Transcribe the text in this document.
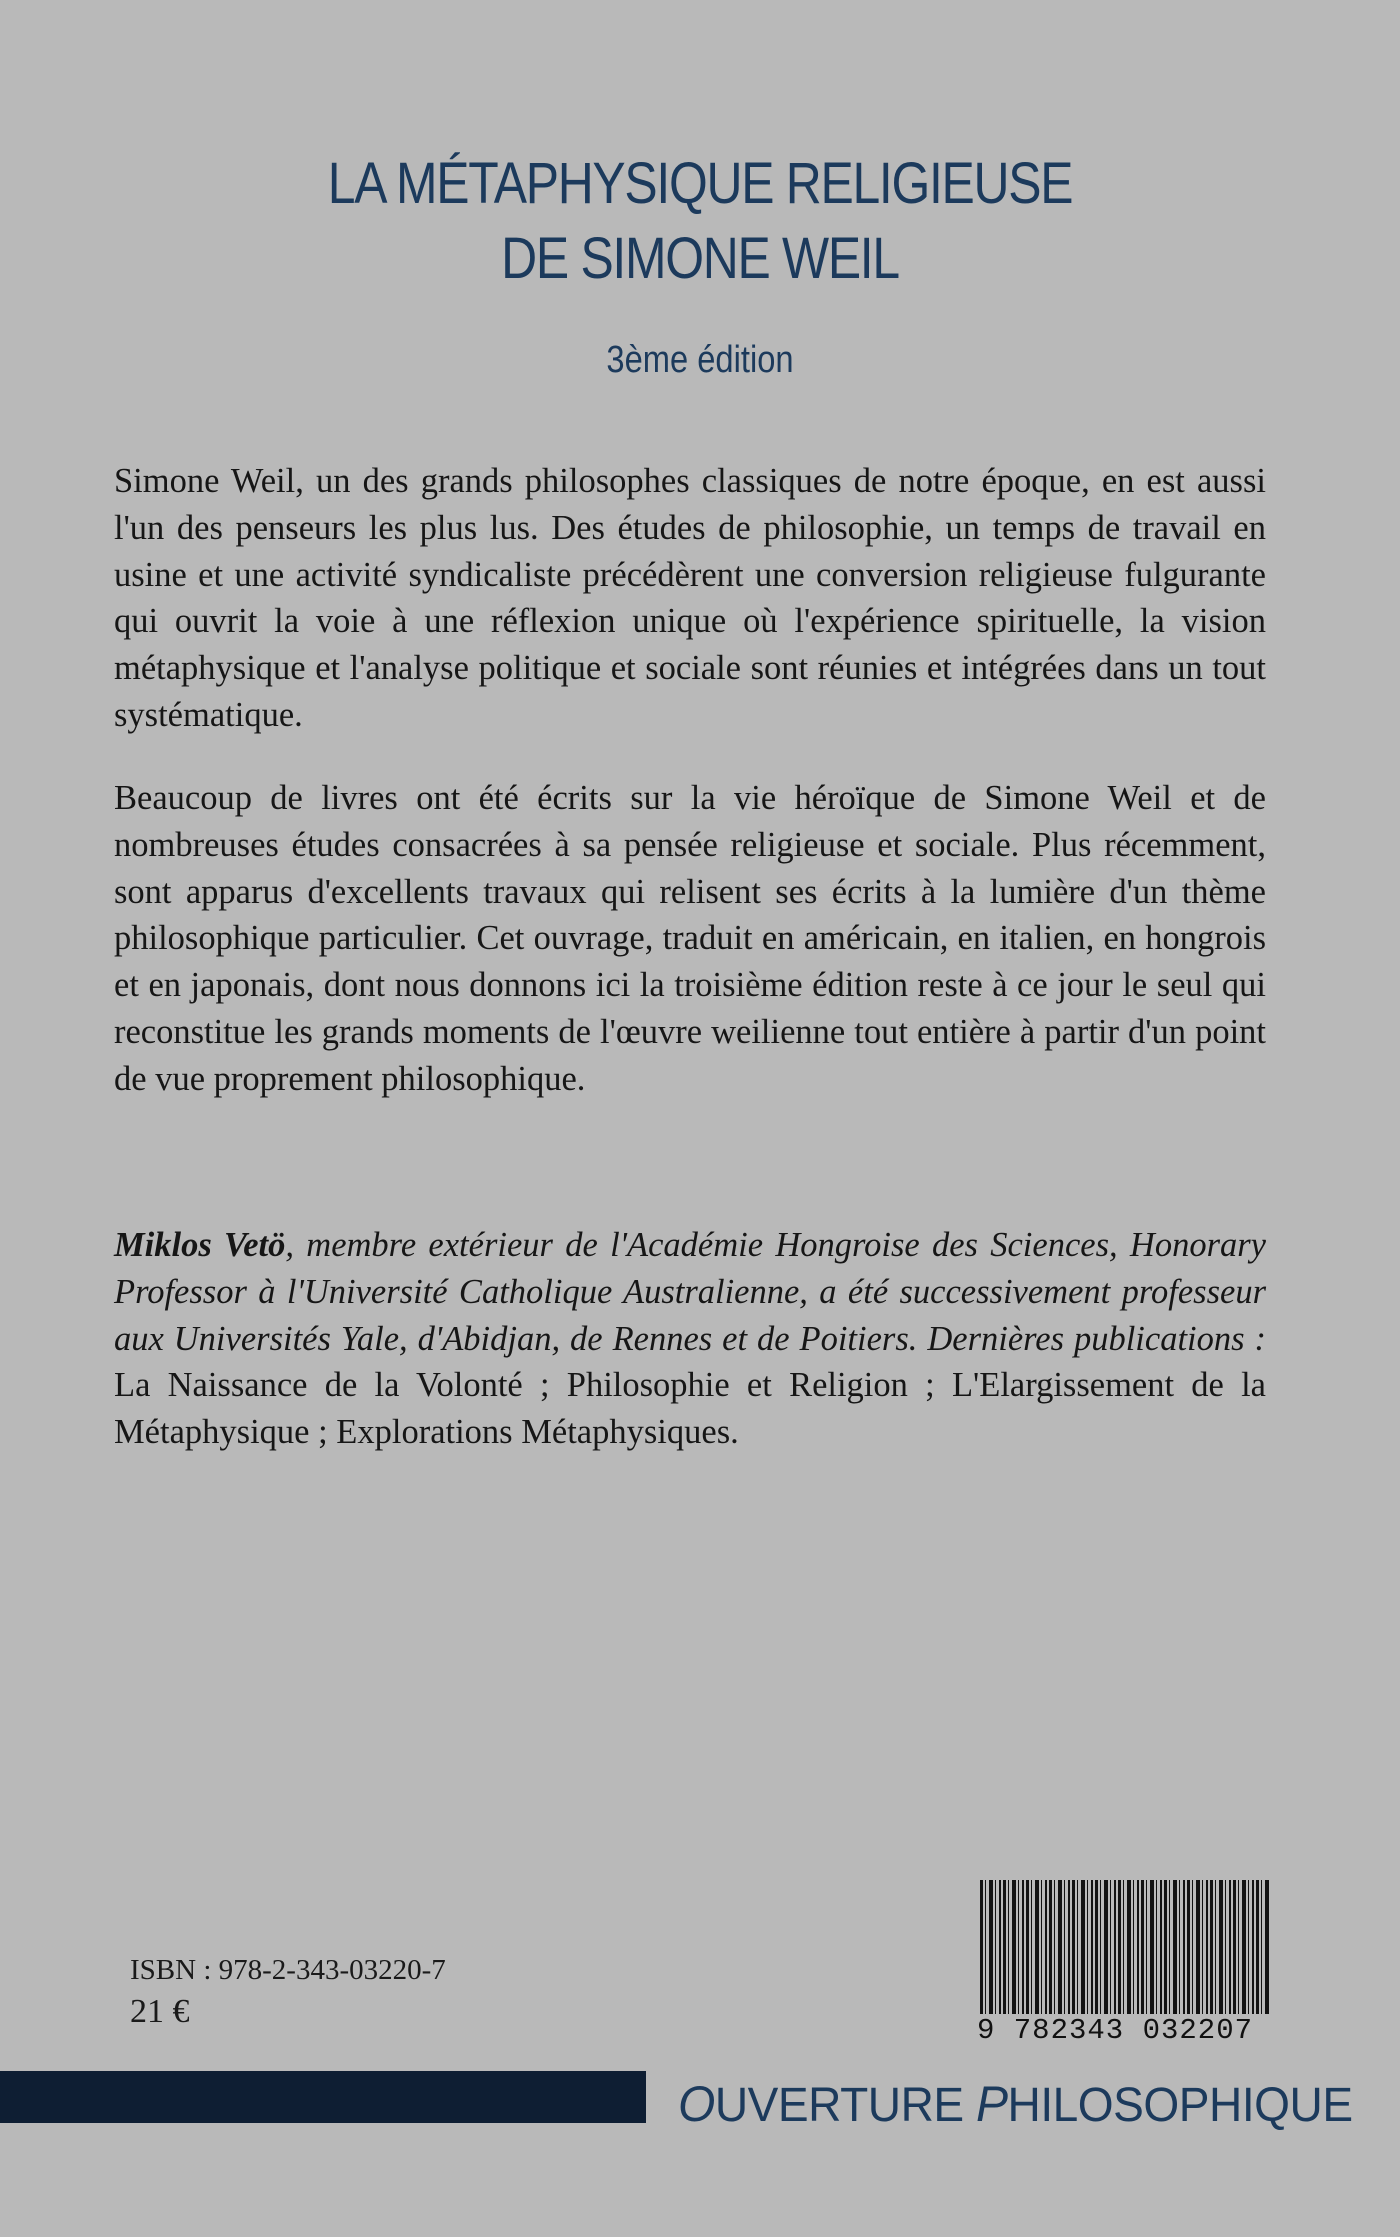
LA MÉTAPHYSIQUE RELIGIEUSE
DE SIMONE WEIL
3ème édition

Simone Weil, un des grands philosophes classiques de notre époque, en est aussi l'un des penseurs les plus lus. Des études de philosophie, un temps de travail en usine et une activité syndicaliste précédèrent une conversion religieuse fulgurante qui ouvrit la voie à une réflexion unique où l'expérience spirituelle, la vision métaphysique et l'analyse politique et sociale sont réunies et intégrées dans un tout systématique.

Beaucoup de livres ont été écrits sur la vie héroïque de Simone Weil et de nombreuses études consacrées à sa pensée religieuse et sociale. Plus récemment, sont apparus d'excellents travaux qui relisent ses écrits à la lumière d'un thème philosophique particulier. Cet ouvrage, traduit en américain, en italien, en hongrois et en japonais, dont nous donnons ici la troisième édition reste à ce jour le seul qui reconstitue les grands moments de l'œuvre weilienne tout entière à partir d'un point de vue proprement philosophique.

Miklos Vetö, membre extérieur de l'Académie Hongroise des Sciences, Honorary Professor à l'Université Catholique Australienne, a été successivement professeur aux Universités Yale, d'Abidjan, de Rennes et de Poitiers. Dernières publications : La Naissance de la Volonté ; Philosophie et Religion ; L'Elargissement de la Métaphysique ; Explorations Métaphysiques.

ISBN : 978-2-343-03220-7
21 €
9 782343 032207
OUVERTURE PHILOSOPHIQUE
